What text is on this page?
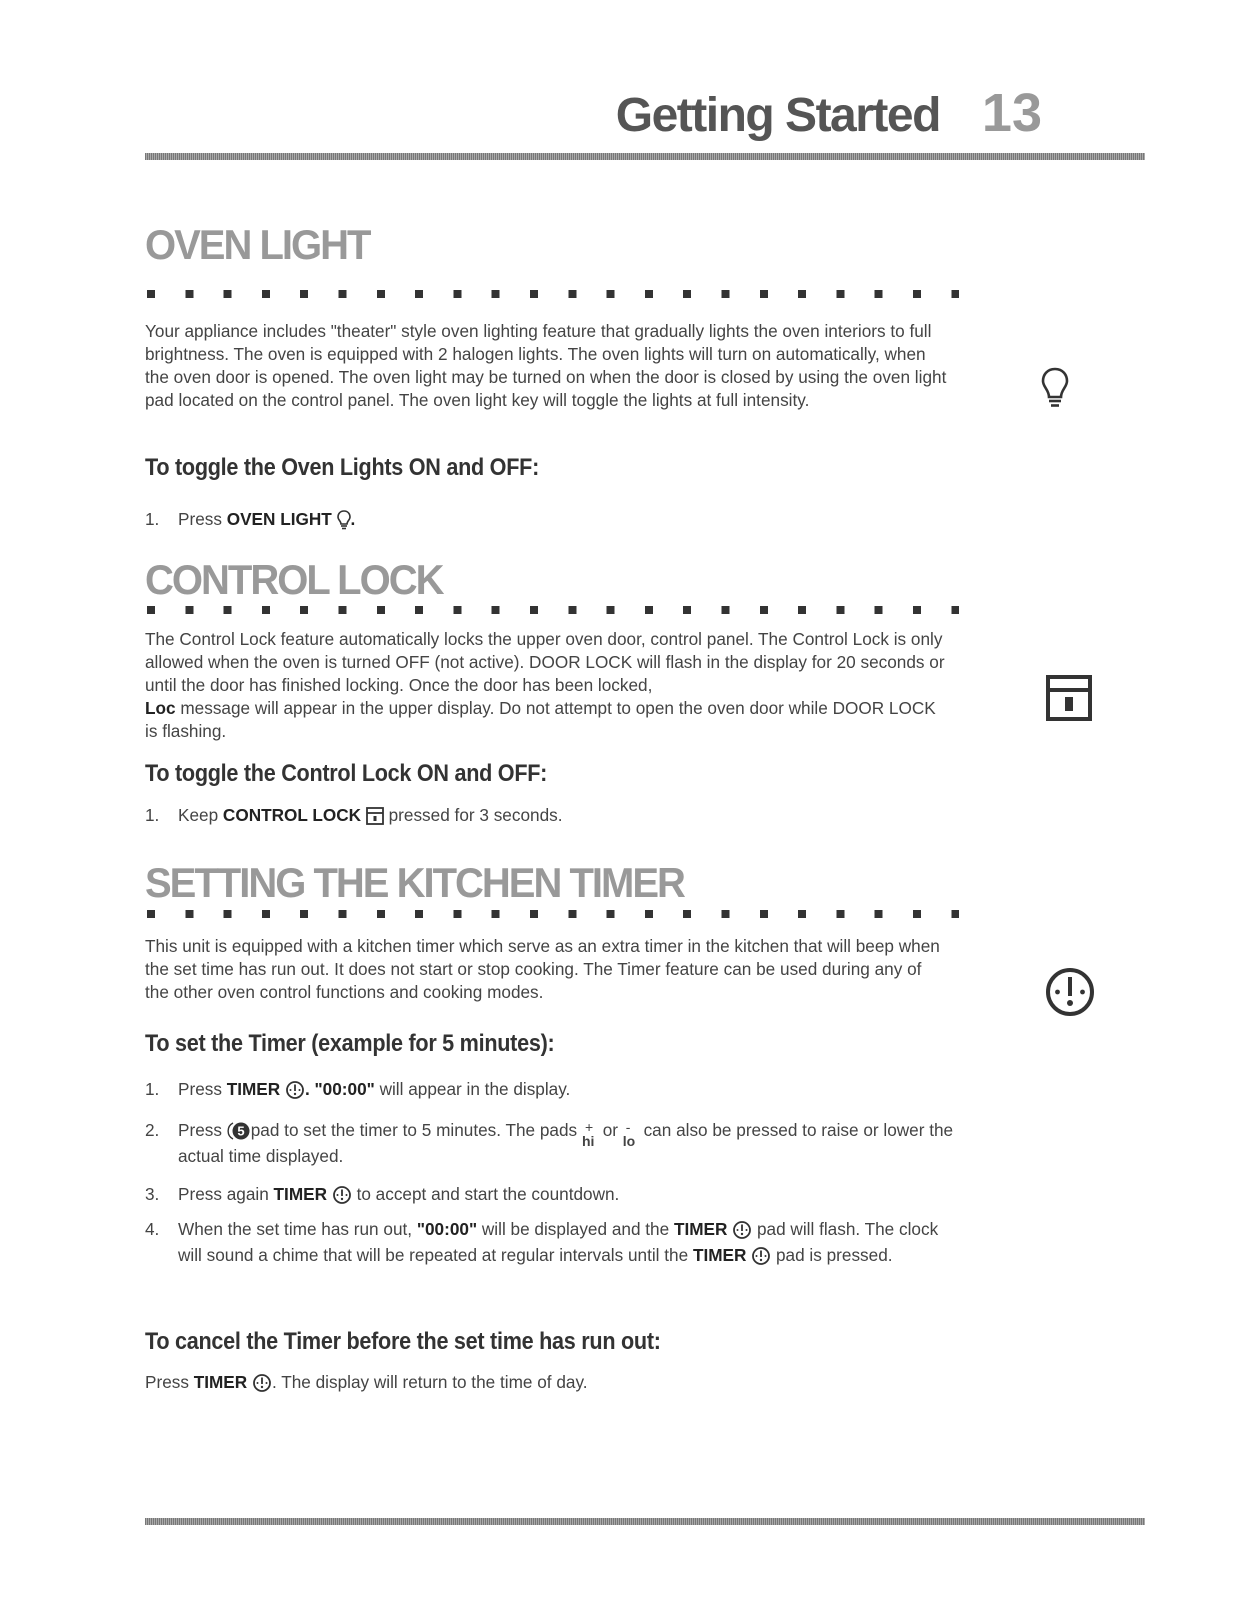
Getting Started 13
OVEN LIGHT

Your appliance includes "theater" style oven lighting feature that gradually lights the oven interiors to full brightness. The oven is equipped with 2 halogen lights. The oven lights will turn on automatically, when the oven door is opened. The oven light may be turned on when the door is closed by using the oven light pad located on the control panel. The oven light key will toggle the lights at full intensity.

To toggle the Oven Lights ON and OFF:
1.	Press OVEN LIGHT .
CONTROL LOCK

The Control Lock feature automatically locks the upper oven door, control panel. The Control Lock is only allowed when the oven is turned OFF (not active). DOOR LOCK will flash in the display for 20 seconds or until the door has finished locking. Once the door has been locked,
Loc message will appear in the upper display. Do not attempt to open the oven door while DOOR LOCK is flashing.

To toggle the Control Lock ON and OFF:
1.	Keep CONTROL LOCK pressed for 3 seconds.
SETTING THE KITCHEN TIMER

This unit is equipped with a kitchen timer which serve as an extra timer in the kitchen that will beep when the set time has run out. It does not start or stop cooking. The Timer feature can be used during any of the other oven control functions and cooking modes.

To set the Timer (example for 5 minutes):
1.	Press TIMER . "00:00" will appear in the display.
2.	Press 5 pad to set the timer to 5 minutes. The pads +
hi
or -
lo
can also be pressed to raise or lower the actual time displayed.
3.	Press again TIMER to accept and start the countdown.
4.	When the set time has run out, "00:00" will be displayed and the TIMER pad will flash. The clock will sound a chime that will be repeated at regular intervals until the TIMER pad is pressed.
To cancel the Timer before the set time has run out:

Press TIMER . The display will return to the time of day.
